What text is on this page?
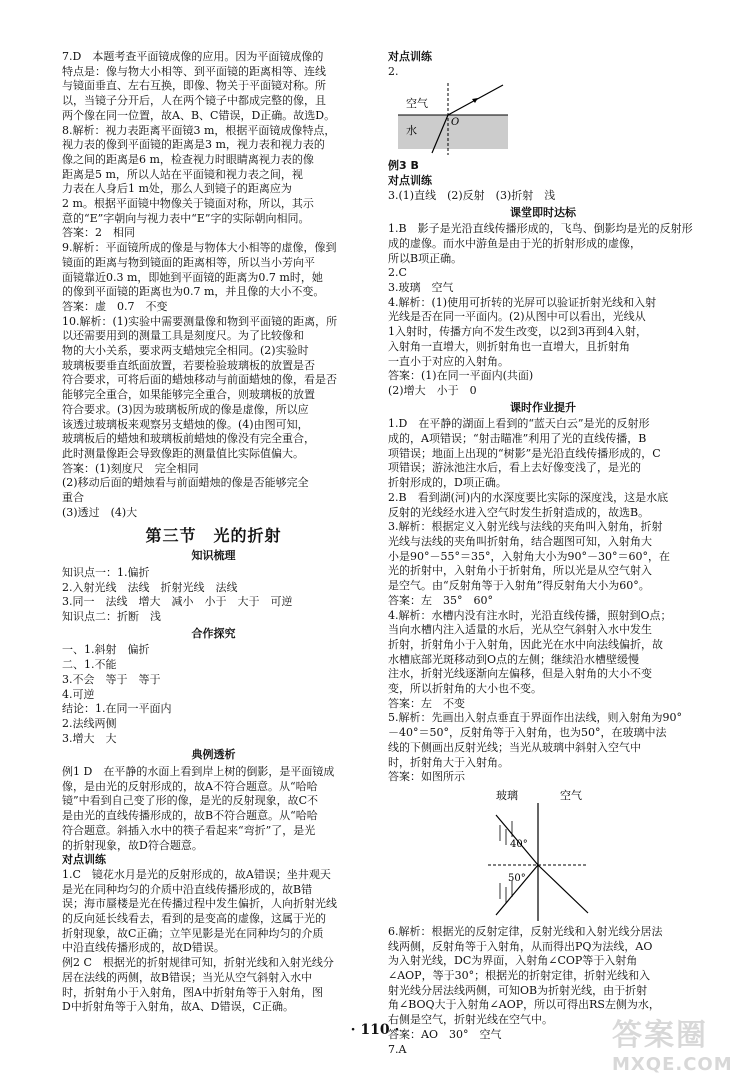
7.D　本题考查平面镜成像的应用。因为平面镜成像的
特点是：像与物大小相等、到平面镜的距离相等、连线
与镜面垂直、左右互换，即像、物关于平面镜对称。所
以，当镜子分开后，人在两个镜子中都成完整的像，且
两个像在同一位置，故A、B、C错误，D正确。故选D。
8.解析：视力表距离平面镜3 m，根据平面镜成像特点，
视力表的像到平面镜的距离是3 m，视力表和视力表的
像之间的距离是6 m，检查视力时眼睛离视力表的像
距离是5 m，所以人站在平面镜和视力表之间，视
力表在人身后1 m处，那么人到镜子的距离应为
2 m。根据平面镜中物像关于镜面对称，所以，其示
意的“E”字朝向与视力表中“E”字的实际朝向相同。
答案：2　相同
9.解析：平面镜所成的像是与物体大小相等的虚像，像到
镜面的距离与物到镜面的距离相等，所以当小芳向平
面镜靠近0.3 m，即她到平面镜的距离为0.7 m时，她
的像到平面镜的距离也为0.7 m，并且像的大小不变。
答案：虚　0.7　不变
10.解析：(1)实验中需要测量像和物到平面镜的距离，所
以还需要用到的测量工具是刻度尺。为了比较像和
物的大小关系，要求两支蜡烛完全相同。(2)实验时
玻璃板要垂直纸面放置，若要检验玻璃板的放置是否
符合要求，可将后面的蜡烛移动与前面蜡烛的像，看是否
能够完全重合，如果能够完全重合，则玻璃板的放置
符合要求。(3)因为玻璃板所成的像是虚像，所以应
该透过玻璃板来观察另支蜡烛的像。(4)由图可知，
玻璃板后的蜡烛和玻璃板前蜡烛的像没有完全重合，
此时测量像距会导致像距的测量值比实际值偏大。
答案：(1)刻度尺　完全相同
(2)移动后面的蜡烛看与前面蜡烛的像是否能够完全
重合
(3)透过　(4)大
第三节　光的折射
知识梳理
知识点一：1.偏折
2.入射光线　法线　折射光线　法线
3.同一　法线　增大　减小　小于　大于　可逆
知识点二：折断　浅
合作探究
一、1.斜射　偏折
二、1.不能
3.不会　等于　等于
4.可逆
结论：1.在同一平面内
2.法线两侧
3.增大　大
典例透析
例1 D　在平静的水面上看到岸上树的倒影，是平面镜成
像，是由光的反射形成的，故A不符合题意。从“哈哈
镜”中看到自己变了形的像，是光的反射现象，故C不
是由光的直线传播形成的，故B不符合题意。从“哈哈
符合题意。斜插入水中的筷子看起来“弯折”了，是光
的折射现象，故D符合题意。
对点训练
1.C　镜花水月是光的反射形成的，故A错误；坐井观天
是光在同种均匀的介质中沿直线传播形成的，故B错
误；海市蜃楼是光在传播过程中发生偏折，人向折射光线
的反向延长线看去，看到的是变高的虚像，这属于光的
折射现象，故C正确；立竿见影是光在同种均匀的介质
中沿直线传播形成的，故D错误。
例2 C　根据光的折射规律可知，折射光线和入射光线分
居在法线的两侧，故B错误；当光从空气斜射入水中
时，折射角小于入射角，图A中折射角等于入射角，图
D中折射角等于入射角，故A、D错误，C正确。
对点训练
2.
空气
水
O
例3 B
对点训练
3.(1)直线　(2)反射　(3)折射　浅
课堂即时达标
1.B　影子是光沿直线传播形成的，飞鸟、倒影均是光的反射形
成的虚像。而水中游鱼是由于光的折射形成的虚像，
所以B项正确。
2.C
3.玻璃　空气
4.解析：(1)使用可折转的光屏可以验证折射光线和入射
光线是否在同一平面内。(2)从图中可以看出，光线从
1入射时，传播方向不发生改变，以2到3再到4入射，
入射角一直增大，则折射角也一直增大，且折射角
一直小于对应的入射角。
答案：(1)在同一平面内(共面)
(2)增大　小于　0
课时作业提升
1.D　在平静的湖面上看到的“蓝天白云”是光的反射形
成的，A项错误；“射击瞄准”利用了光的直线传播，B
项错误；地面上出现的“树影”是光沿直线传播形成的，C
项错误；游泳池注水后，看上去好像变浅了，是光的
折射形成的，D项正确。
2.B　看到湖(河)内的水深度要比实际的深度浅，这是水底
反射的光线经水进入空气时发生折射造成的，故选B。
3.解析：根据定义入射光线与法线的夹角叫入射角，折射
光线与法线的夹角叫折射角，结合题图可知，入射角大
小是90°－55°＝35°，入射角大小为90°－30°＝60°，在
光的折射中，入射角小于折射角，所以光是从空气射入
是空气。由“反射角等于入射角”得反射角大小为60°。
答案：左　35°　60°
4.解析：水槽内没有注水时，光沿直线传播，照射到O点；
当向水槽内注入适量的水后，光从空气斜射入水中发生
折射，折射角小于入射角，因此光在水中向法线偏折，故
水槽底部光斑移动到O点的左侧；继续沿水槽壁缓慢
注水，折射光线逐渐向左偏移，但是入射角的大小不变
变，所以折射角的大小也不变。
答案：左　不变
5.解析：先画出入射点垂直于界面作出法线，则入射角为90°
－40°＝50°，反射角等于入射角，也为50°，在玻璃中法
线的下侧画出反射光线；当光从玻璃中斜射入空气中
时，折射角大于入射角。
答案：如图所示
玻璃	空气
40°
50°
6.解析：根据光的反射定律，反射光线和入射光线分居法
线两侧，反射角等于入射角，从而得出PQ为法线，AO
为入射光线，DC为界面，入射角∠COP等于入射角
∠AOP，等于30°；根据光的折射定律，折射光线和入
射光线分居法线两侧，可知OB为折射光线，由于折射
角∠BOQ大于入射角∠AOP，所以可得出RS左侧为水，
右侧是空气，折射光线在空气中。
答案：AO　30°　空气
7.A
· 110 ·	答案圈
MXQE.COM
